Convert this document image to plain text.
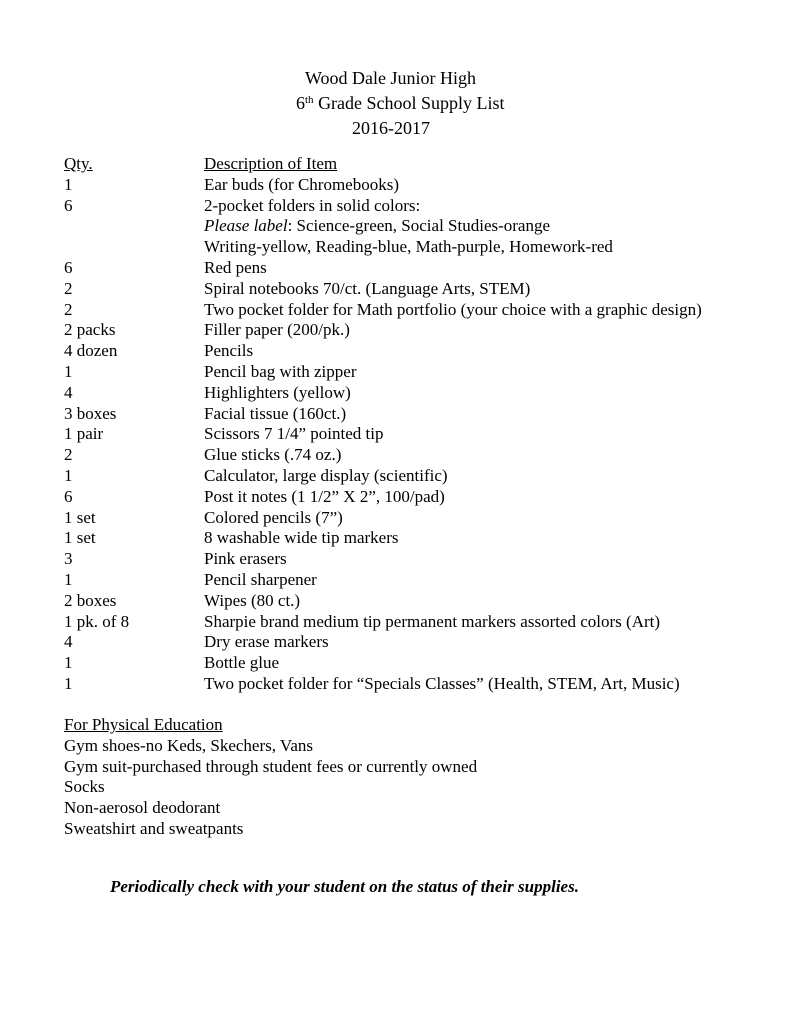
Wood Dale Junior High
6th Grade School Supply List
2016-2017
Qty.	Description of Item
1	Ear buds (for Chromebooks)
6	2-pocket folders in solid colors:
Please label: Science-green, Social Studies-orange
Writing-yellow, Reading-blue, Math-purple, Homework-red
6	Red pens
2	Spiral notebooks 70/ct. (Language Arts, STEM)
2	Two pocket folder for Math portfolio (your choice with a graphic design)
2 packs	Filler paper (200/pk.)
4 dozen	Pencils
1	Pencil bag with zipper
4	Highlighters (yellow)
3 boxes	Facial tissue (160ct.)
1 pair	Scissors 7 1/4” pointed tip
2	Glue sticks (.74 oz.)
1	Calculator, large display (scientific)
6	Post it notes (1 1/2” X 2”, 100/pad)
1 set	Colored pencils (7”)
1 set	8 washable wide tip markers
3	Pink erasers
1	Pencil sharpener
2 boxes	Wipes (80 ct.)
1 pk. of 8	Sharpie brand medium tip permanent markers assorted colors (Art)
4	Dry erase markers
1	Bottle glue
1	Two pocket folder for “Specials Classes” (Health, STEM, Art, Music)
For Physical Education
Gym shoes-no Keds, Skechers, Vans
Gym suit-purchased through student fees or currently owned
Socks
Non-aerosol deodorant
Sweatshirt and sweatpants
Periodically check with your student on the status of their supplies.
